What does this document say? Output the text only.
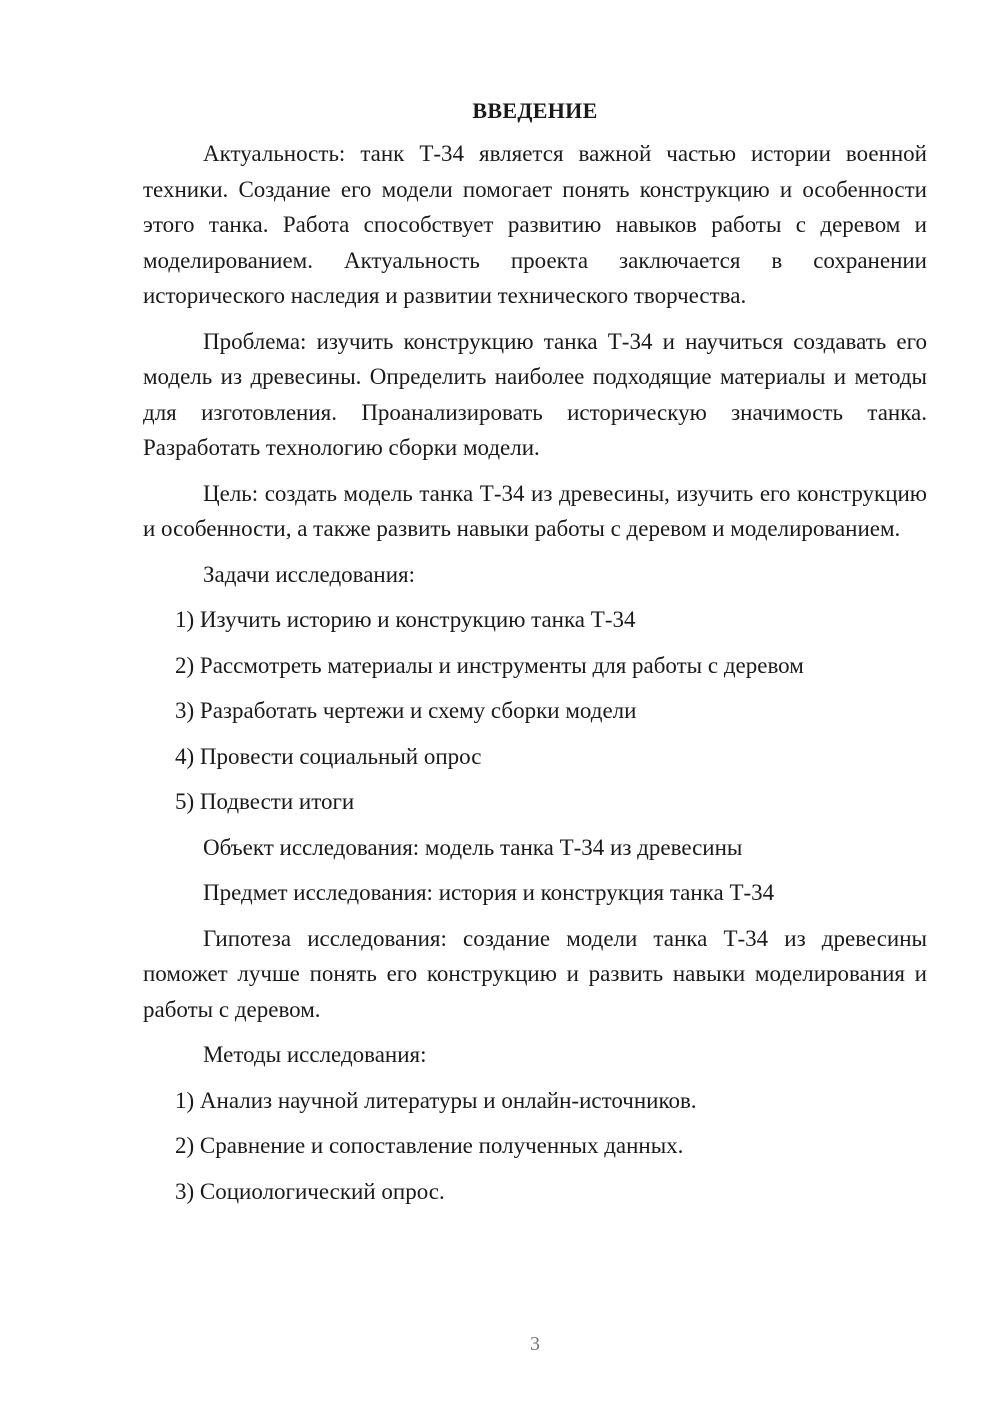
ВВЕДЕНИЕ
Актуальность: танк Т-34 является важной частью истории военной техники. Создание его модели помогает понять конструкцию и особенности этого танка. Работа способствует развитию навыков работы с деревом и моделированием. Актуальность проекта заключается в сохранении исторического наследия и развитии технического творчества.
Проблема: изучить конструкцию танка Т-34 и научиться создавать его модель из древесины. Определить наиболее подходящие материалы и методы для изготовления. Проанализировать историческую значимость танка. Разработать технологию сборки модели.
Цель: создать модель танка Т-34 из древесины, изучить его конструкцию и особенности, а также развить навыки работы с деревом и моделированием.
Задачи исследования:
1) Изучить историю и конструкцию танка Т-34
2) Рассмотреть материалы и инструменты для работы с деревом
3) Разработать чертежи и схему сборки модели
4) Провести социальный опрос
5) Подвести итоги
Объект исследования: модель танка Т-34 из древесины
Предмет исследования: история и конструкция танка Т-34
Гипотеза исследования: создание модели танка Т-34 из древесины поможет лучше понять его конструкцию и развить навыки моделирования и работы с деревом.
Методы исследования:
1) Анализ научной литературы и онлайн-источников.
2) Сравнение и сопоставление полученных данных.
3) Социологический опрос.
3
